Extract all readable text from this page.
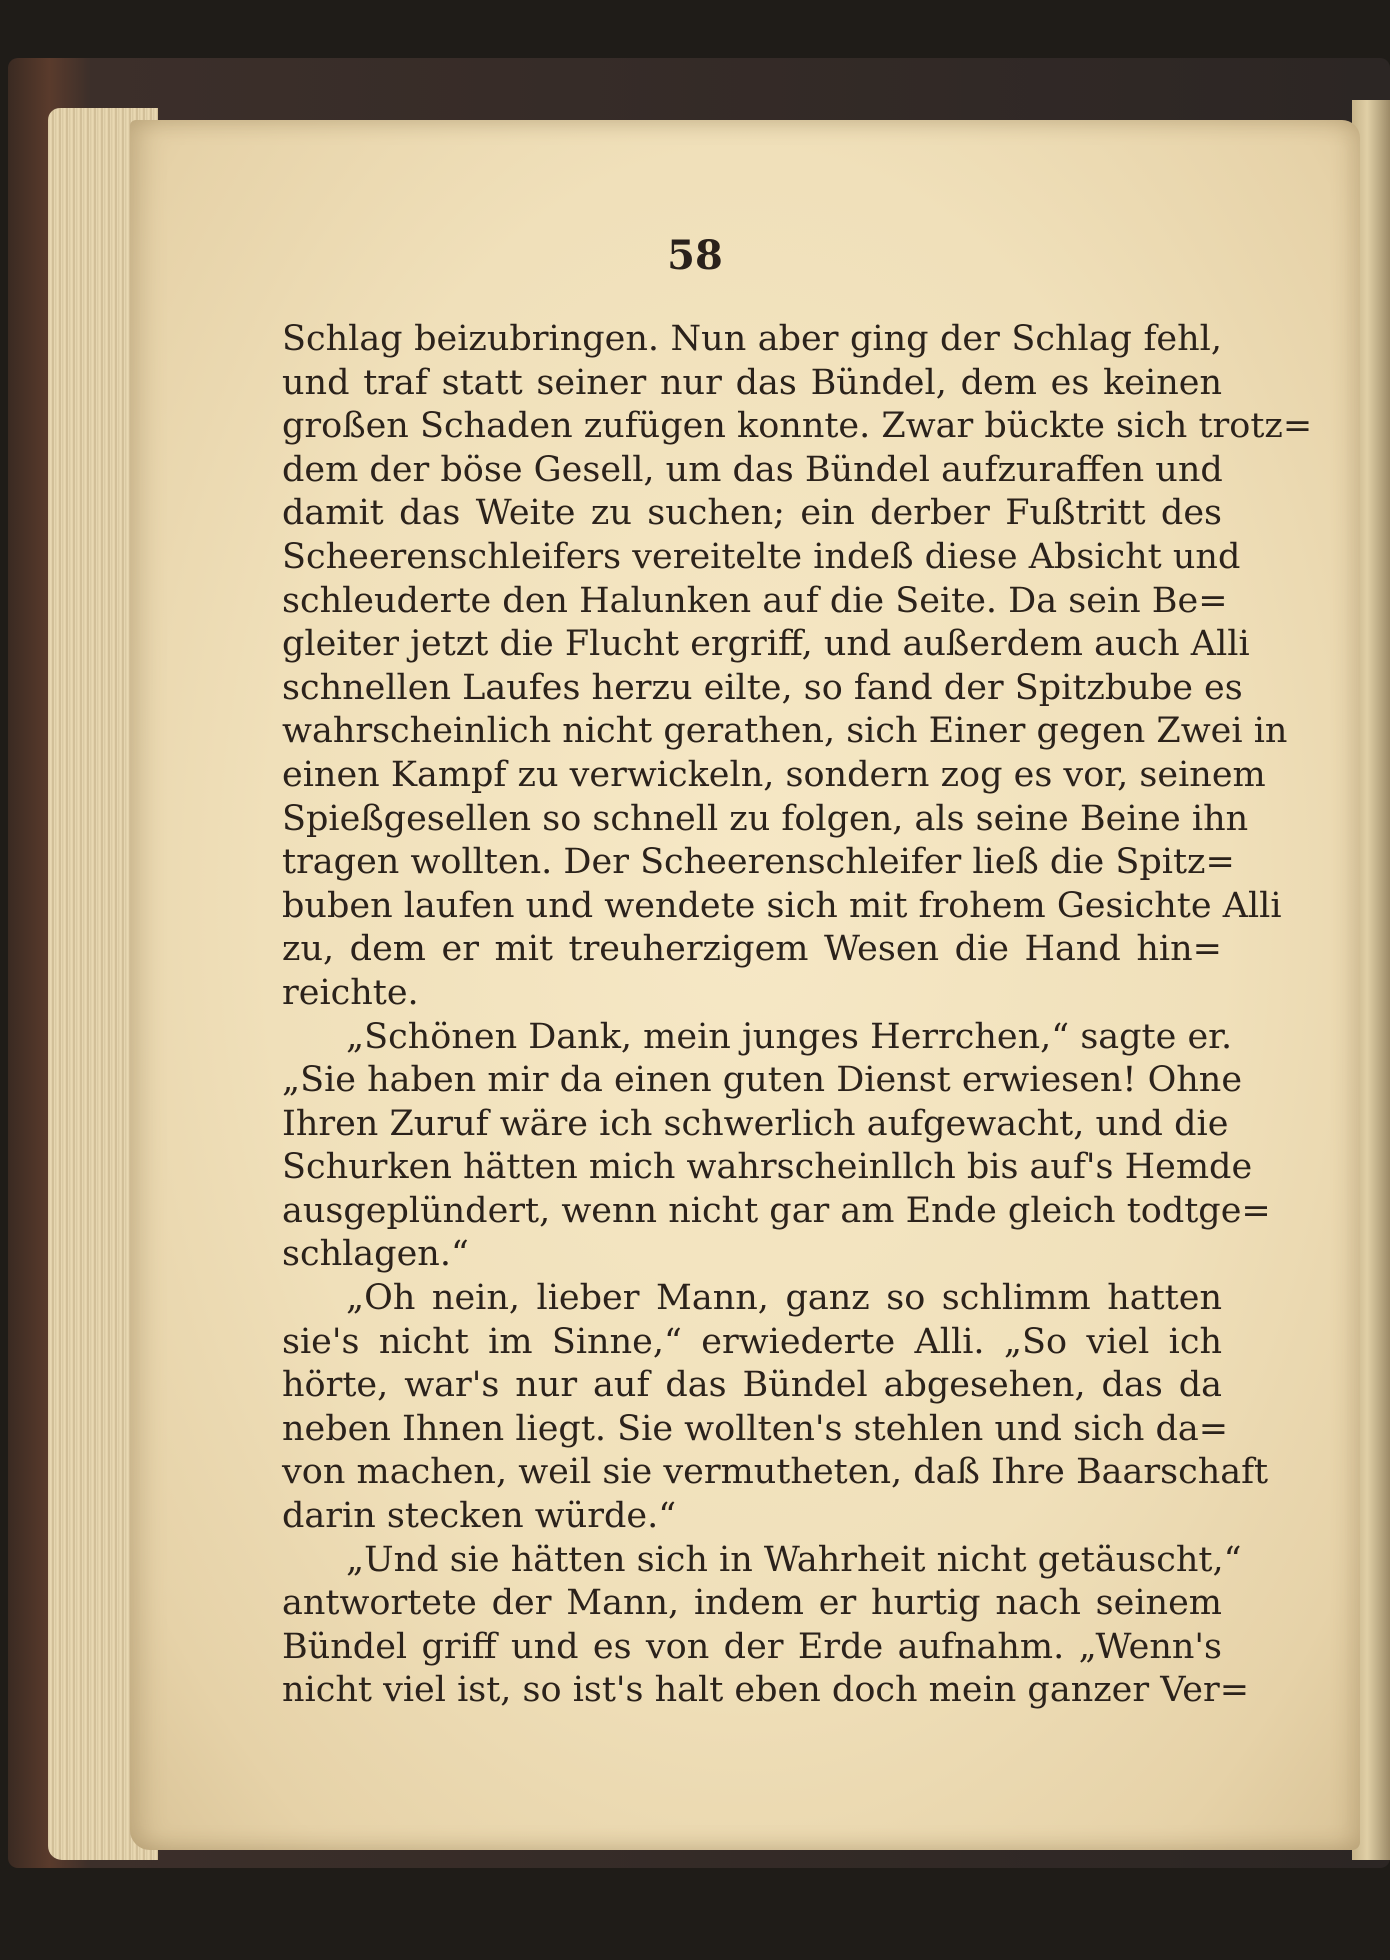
58
Schlag beizubringen. Nun aber ging der Schlag fehl,
und traf statt seiner nur das Bündel, dem es keinen
großen Schaden zufügen konnte. Zwar bückte sich trotz=
dem der böse Gesell, um das Bündel aufzuraffen und
damit das Weite zu suchen; ein derber Fußtritt des
Scheerenschleifers vereitelte indeß diese Absicht und
schleuderte den Halunken auf die Seite. Da sein Be=
gleiter jetzt die Flucht ergriff, und außerdem auch Alli
schnellen Laufes herzu eilte, so fand der Spitzbube es
wahrscheinlich nicht gerathen, sich Einer gegen Zwei in
einen Kampf zu verwickeln, sondern zog es vor, seinem
Spießgesellen so schnell zu folgen, als seine Beine ihn
tragen wollten. Der Scheerenschleifer ließ die Spitz=
buben laufen und wendete sich mit frohem Gesichte Alli
zu, dem er mit treuherzigem Wesen die Hand hin=
reichte.
„Schönen Dank, mein junges Herrchen,“ sagte er.
„Sie haben mir da einen guten Dienst erwiesen! Ohne
Ihren Zuruf wäre ich schwerlich aufgewacht, und die
Schurken hätten mich wahrscheinllch bis auf's Hemde
ausgeplündert, wenn nicht gar am Ende gleich todtge=
schlagen.“
„Oh nein, lieber Mann, ganz so schlimm hatten
sie's nicht im Sinne,“ erwiederte Alli. „So viel ich
hörte, war's nur auf das Bündel abgesehen, das da
neben Ihnen liegt. Sie wollten's stehlen und sich da=
von machen, weil sie vermutheten, daß Ihre Baarschaft
darin stecken würde.“
„Und sie hätten sich in Wahrheit nicht getäuscht,“
antwortete der Mann, indem er hurtig nach seinem
Bündel griff und es von der Erde aufnahm. „Wenn's
nicht viel ist, so ist's halt eben doch mein ganzer Ver=
